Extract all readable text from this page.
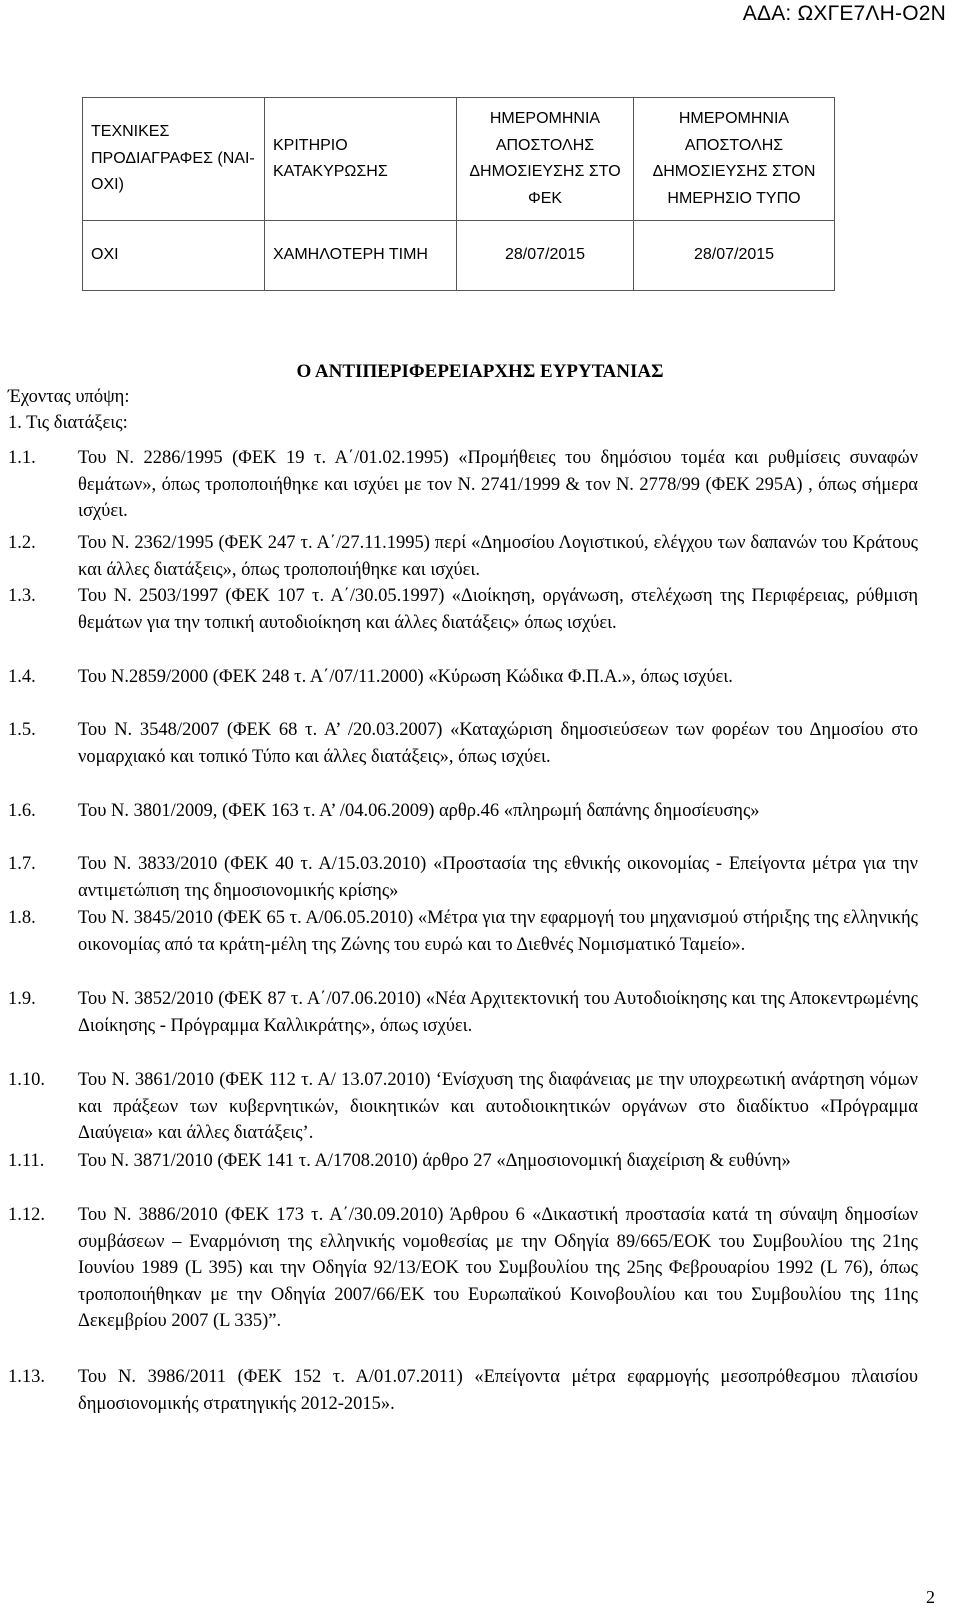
ΑΔΑ: ΩΧΓΕ7ΛΗ-Ο2Ν
ΤΕΧΝΙΚΕΣ ΠΡΟΔΙΑΓΡΑΦΕΣ (ΝΑΙ-ΟΧΙ)	ΚΡΙΤΗΡΙΟ ΚΑΤΑΚΥΡΩΣΗΣ	ΗΜΕΡΟΜΗΝΙΑ ΑΠΟΣΤΟΛΗΣ ΔΗΜΟΣΙΕΥΣΗΣ ΣΤΟ ΦΕΚ	ΗΜΕΡΟΜΗΝΙΑ ΑΠΟΣΤΟΛΗΣ ΔΗΜΟΣΙΕΥΣΗΣ ΣΤΟΝ ΗΜΕΡΗΣΙΟ ΤΥΠΟ
ΟΧΙ	ΧΑΜΗΛΟΤΕΡΗ ΤΙΜΗ	28/07/2015	28/07/2015
Ο ΑΝΤΙΠΕΡΙΦΕΡΕΙΑΡΧΗΣ ΕΥΡΥΤΑΝΙΑΣ
Έχοντας υπόψη:
1. Τις διατάξεις:
1.1. Του Ν. 2286/1995 (ΦΕΚ 19 τ. Α΄/01.02.1995) «Προμήθειες του δημόσιου τομέα και ρυθμίσεις συναφών θεμάτων», όπως τροποποιήθηκε και ισχύει με τον Ν. 2741/1999 & τον Ν. 2778/99 (ΦΕΚ 295Α) , όπως σήμερα ισχύει.
1.2. Του Ν. 2362/1995 (ΦΕΚ 247 τ. Α΄/27.11.1995) περί «Δημοσίου Λογιστικού, ελέγχου των δαπανών του Κράτους και άλλες διατάξεις», όπως τροποποιήθηκε και ισχύει.
1.3. Του Ν. 2503/1997 (ΦΕΚ 107 τ. Α΄/30.05.1997) «Διοίκηση, οργάνωση, στελέχωση της Περιφέρειας, ρύθμιση θεμάτων για την τοπική αυτοδιοίκηση και άλλες διατάξεις» όπως ισχύει.
1.4. Του Ν.2859/2000 (ΦΕΚ 248 τ. Α΄/07/11.2000) «Κύρωση Κώδικα Φ.Π.Α.», όπως ισχύει.
1.5. Του Ν. 3548/2007 (ΦΕΚ 68 τ. Α’ /20.03.2007) «Καταχώριση δημοσιεύσεων των φορέων του Δημοσίου στο νομαρχιακό και τοπικό Τύπο και άλλες διατάξεις», όπως ισχύει.
1.6. Του Ν. 3801/2009, (ΦΕΚ 163 τ. Α’ /04.06.2009) αρθρ.46 «πληρωμή δαπάνης δημοσίευσης»
1.7. Του Ν. 3833/2010 (ΦΕΚ 40 τ. Α/15.03.2010) «Προστασία της εθνικής οικονομίας - Επείγοντα μέτρα για την αντιμετώπιση της δημοσιονομικής κρίσης»
1.8. Του Ν. 3845/2010 (ΦΕΚ 65 τ. Α/06.05.2010) «Μέτρα για την εφαρμογή του μηχανισμού στήριξης της ελληνικής οικονομίας από τα κράτη-μέλη της Ζώνης του ευρώ και το Διεθνές Νομισματικό Ταμείο».
1.9. Του Ν. 3852/2010 (ΦΕΚ 87 τ. Α΄/07.06.2010) «Νέα Αρχιτεκτονική του Αυτοδιοίκησης και της Αποκεντρωμένης Διοίκησης - Πρόγραμμα Καλλικράτης», όπως ισχύει.
1.10. Του Ν. 3861/2010 (ΦΕΚ 112 τ. Α/ 13.07.2010) ‘Ενίσχυση της διαφάνειας με την υποχρεωτική ανάρτηση νόμων και πράξεων των κυβερνητικών, διοικητικών και αυτοδιοικητικών οργάνων στο διαδίκτυο «Πρόγραμμα Διαύγεια» και άλλες διατάξεις’.
1.11. Του Ν. 3871/2010 (ΦΕΚ 141 τ. Α/1708.2010) άρθρο 27 «Δημοσιονομική διαχείριση & ευθύνη»
1.12. Του Ν. 3886/2010 (ΦΕΚ 173 τ. Α΄/30.09.2010) Άρθρου 6 «Δικαστική προστασία κατά τη σύναψη δημοσίων συμβάσεων – Εναρμόνιση της ελληνικής νομοθεσίας με την Οδηγία 89/665/ΕΟΚ του Συμβουλίου της 21ης Ιουνίου 1989 (L 395) και την Οδηγία 92/13/ΕΟΚ του Συμβουλίου της 25ης Φεβρουαρίου 1992 (L 76), όπως τροποποιήθηκαν με την Οδηγία 2007/66/ΕΚ του Ευρωπαϊκού Κοινοβουλίου και του Συμβουλίου της 11ης Δεκεμβρίου 2007 (L 335)”.
1.13. Του Ν. 3986/2011 (ΦΕΚ 152 τ. Α/01.07.2011) «Επείγοντα μέτρα εφαρμογής μεσοπρόθεσμου πλαισίου δημοσιονομικής στρατηγικής 2012-2015».
2
